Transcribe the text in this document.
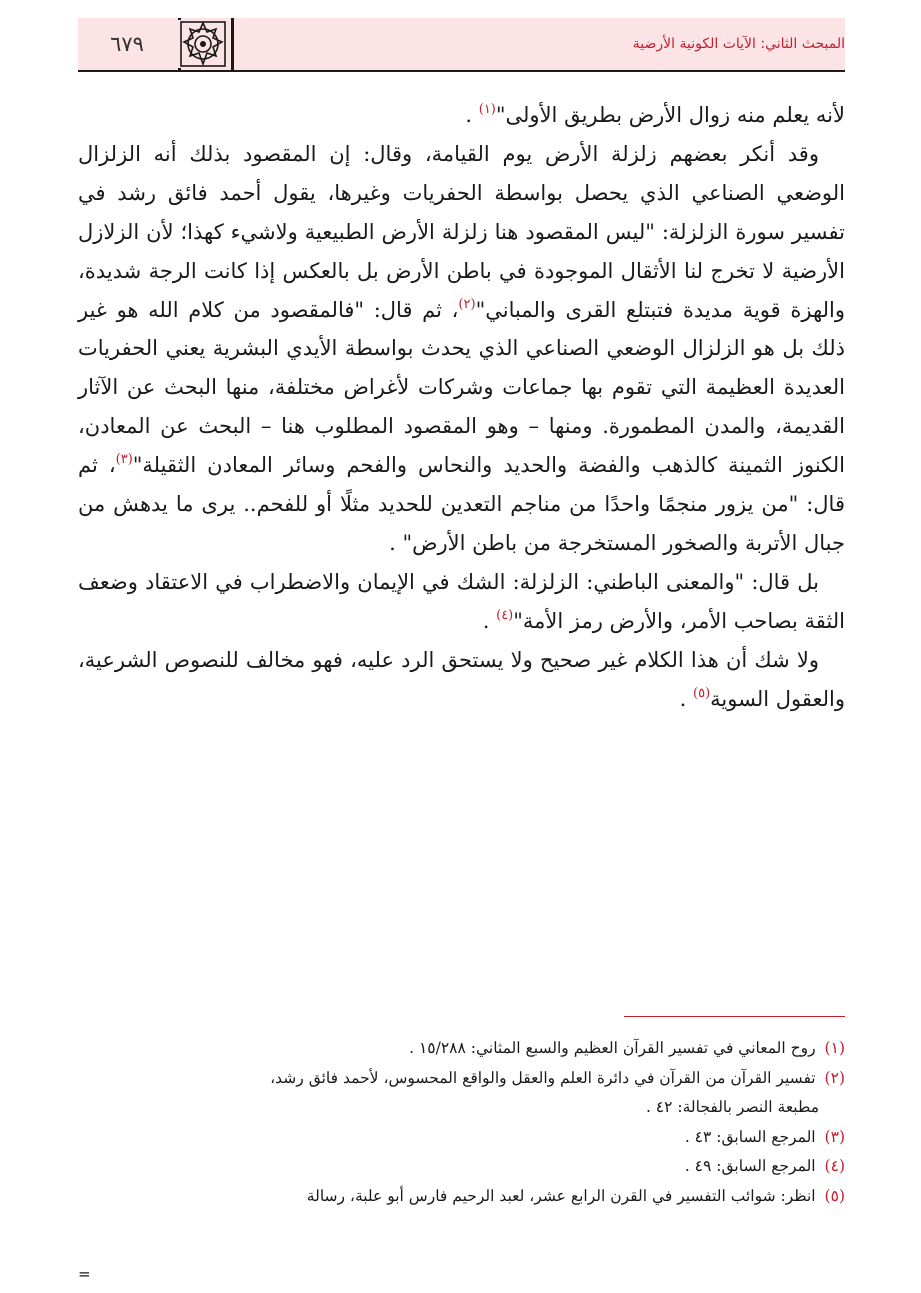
٦٧٩	المبحث الثاني: الآيات الكونية الأرضية

لأنه يعلم منه زوال الأرض بطريق الأولى"$^{(١)}$ .

وقد أنكر بعضهم زلزلة الأرض يوم القيامة، وقال: إن المقصود بذلك أنه الزلزال الوضعي الصناعي الذي يحصل بواسطة الحفريات وغيرها، يقول أحمد فائق رشد في تفسير سورة الزلزلة: "ليس المقصود هنا زلزلة الأرض الطبيعية ولاشيء كهذا؛ لأن الزلازل الأرضية لا تخرج لنا الأثقال الموجودة في باطن الأرض بل بالعكس إذا كانت الرجة شديدة، والهزة قوية مديدة فتبتلع القرى والمباني"$^{(٢)}$، ثم قال: "فالمقصود من كلام الله هو غير ذلك بل هو الزلزال الوضعي الصناعي الذي يحدث بواسطة الأيدي البشرية يعني الحفريات العديدة العظيمة التي تقوم بها جماعات وشركات لأغراض مختلفة، منها البحث عن الآثار القديمة، والمدن المطمورة. ومنها – وهو المقصود المطلوب هنا – البحث عن المعادن، الكنوز الثمينة كالذهب والفضة والحديد والنحاس والفحم وسائر المعادن الثقيلة"$^{(٣)}$، ثم قال: "من يزور منجمًا واحدًا من مناجم التعدين للحديد مثلًا أو للفحم.. يرى ما يدهش من جبال الأتربة والصخور المستخرجة من باطن الأرض" .

بل قال: "والمعنى الباطني: الزلزلة: الشك في الإيمان والاضطراب في الاعتقاد وضعف الثقة بصاحب الأمر، والأرض رمز الأمة"$^{(٤)}$ .

ولا شك أن هذا الكلام غير صحيح ولا يستحق الرد عليه، فهو مخالف للنصوص الشرعية، والعقول السوية$^{(٥)}$ .

(١) روح المعاني في تفسير القرآن العظيم والسبع المثاني: ١٥/٢٨٨ .

(٢) تفسير القرآن من القرآن في دائرة العلم والعقل والواقع المحسوس، لأحمد فائق رشد،

مطبعة النصر بالفجالة: ٤٢ .

(٣) المرجع السابق: ٤٣ .

(٤) المرجع السابق: ٤٩ .

(٥) انظر: شوائب التفسير في القرن الرابع عشر، لعبد الرحيم فارس أبو علبة، رسالة

=
